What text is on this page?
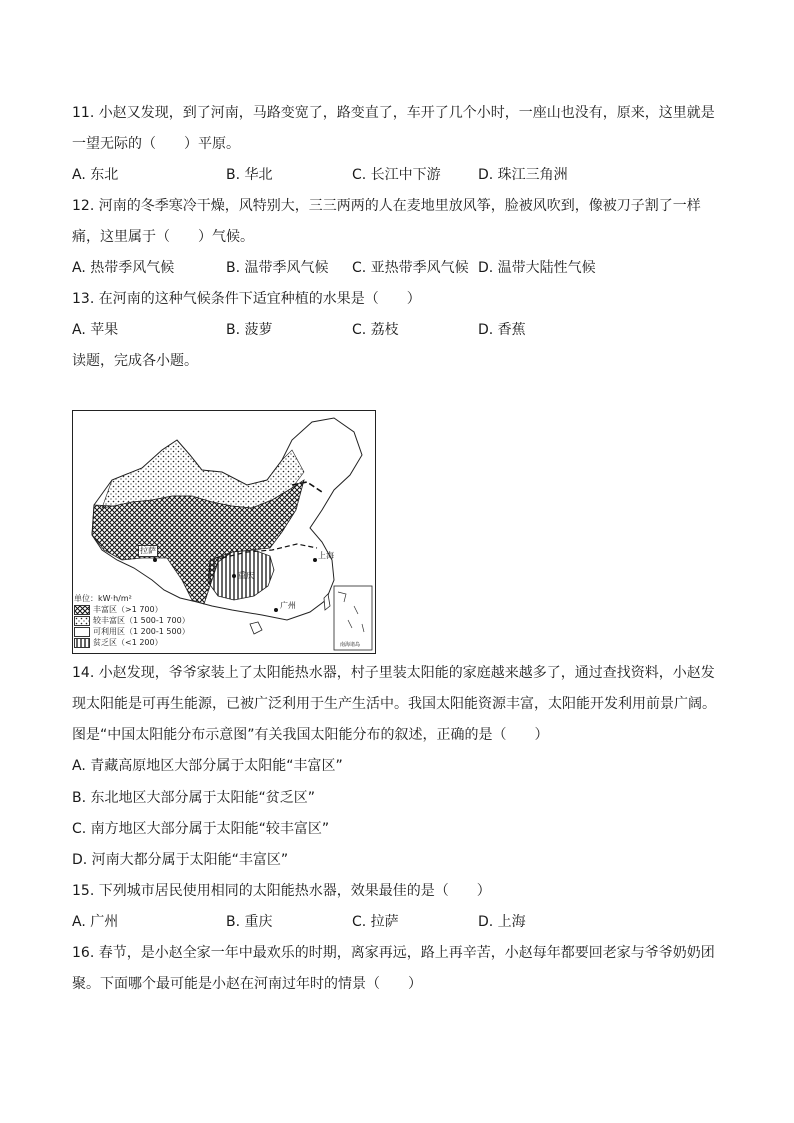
11. 小赵又发现，到了河南，马路变宽了，路变直了，车开了几个小时，一座山也没有，原来，这里就是
一望无际的（　　）平原。
A. 东北	B. 华北	C. 长江中下游	D. 珠江三角洲
12. 河南的冬季寒冷干燥，风特别大，三三两两的人在麦地里放风筝，脸被风吹到，像被刀子割了一样
痛，这里属于（　　）气候。
A. 热带季风气候	B. 温带季风气候 C. 亚热带季风气候 D. 温带大陆性气候
13. 在河南的这种气候条件下适宜种植的水果是（　　）
A. 苹果	B. 菠萝	C. 荔枝	D. 香蕉
读题，完成各小题。
拉萨
重庆
上海
广州
南海诸岛
单位：kW·h/m²
丰富区（>1 700）
较丰富区（1 500-1 700）
可利用区（1 200-1 500）
贫乏区（<1 200）
14. 小赵发现，爷爷家装上了太阳能热水器，村子里装太阳能的家庭越来越多了，通过查找资料，小赵发
现太阳能是可再生能源，已被广泛利用于生产生活中。我国太阳能资源丰富，太阳能开发利用前景广阔。
图是“中国太阳能分布示意图”有关我国太阳能分布的叙述，正确的是（　　）
A. 青藏高原地区大部分属于太阳能“丰富区”
B. 东北地区大部分属于太阳能“贫乏区”
C. 南方地区大部分属于太阳能“较丰富区”
D. 河南大都分属于太阳能“丰富区”
15. 下列城市居民使用相同的太阳能热水器，效果最佳的是（　　）
A. 广州	B. 重庆	C. 拉萨	D. 上海
16. 春节，是小赵全家一年中最欢乐的时期，离家再远，路上再辛苦，小赵每年都要回老家与爷爷奶奶团
聚。下面哪个最可能是小赵在河南过年时的情景（　　）
